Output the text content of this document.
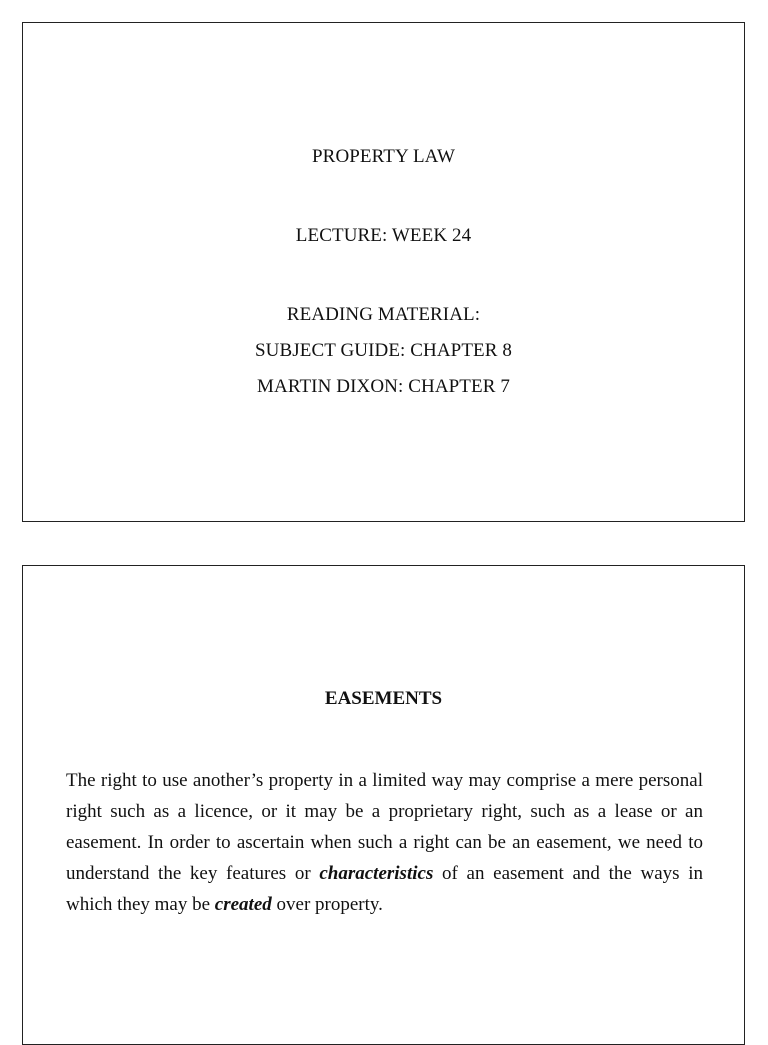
PROPERTY LAW
LECTURE: WEEK 24
READING MATERIAL:
SUBJECT GUIDE: CHAPTER 8
MARTIN DIXON: CHAPTER 7
EASEMENTS
The right to use another’s property in a limited way may comprise a mere personal right such as a licence, or it may be a proprietary right, such as a lease or an easement. In order to ascertain when such a right can be an easement, we need to understand the key features or characteristics of an easement and the ways in which they may be created over property.
